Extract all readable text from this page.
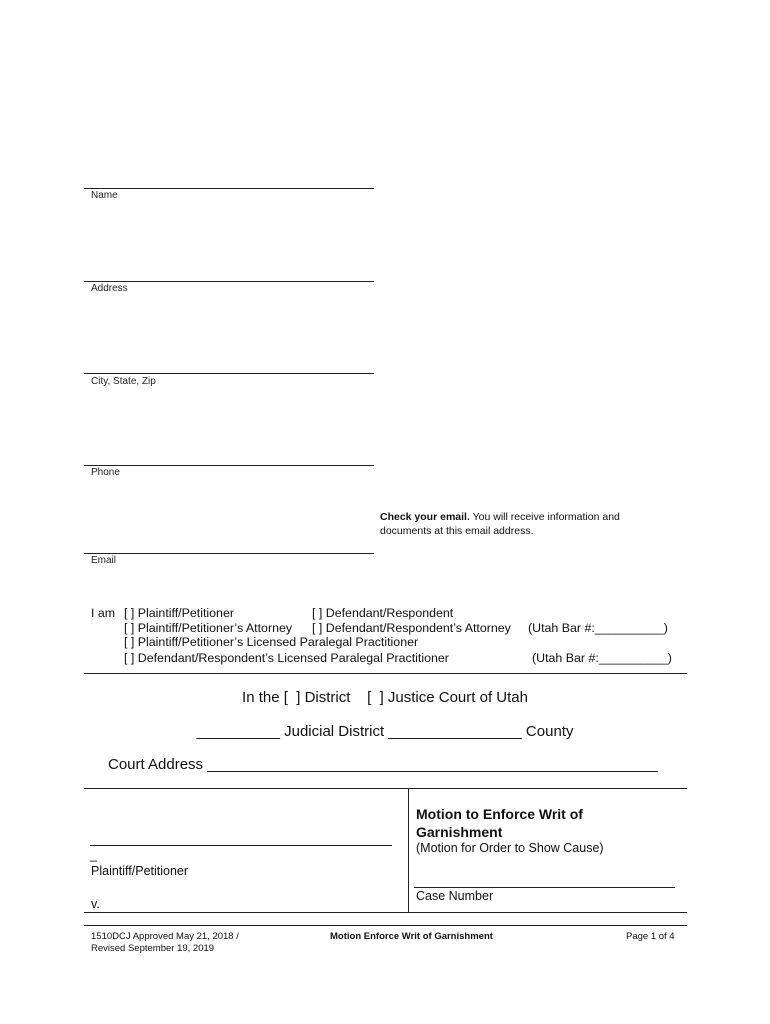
Name
Address
City, State, Zip
Phone
Check your email. You will receive information and
documents at this email address.
Email
I am [ ] Plaintiff/Petitioner	[ ] Defendant/Respondent
[ ] Plaintiff/Petitioner’s Attorney [ ] Defendant/Respondent’s Attorney (Utah Bar #:__________)
[ ] Plaintiff/Petitioner’s Licensed Paralegal Practitioner
[ ] Defendant/Respondent’s Licensed Paralegal Practitioner	(Utah Bar #:__________)
In the [  ] District    [  ] Justice Court of Utah
__________ Judicial District ________________ County
Court Address ______________________________________________________
_
Plaintiff/Petitioner
v.
Motion to Enforce Writ of
Garnishment
(Motion for Order to Show Cause)
Case Number
1510DCJ Approved May 21, 2018 /
Revised September 19, 2019
Motion Enforce Writ of Garnishment	Page 1 of 4
